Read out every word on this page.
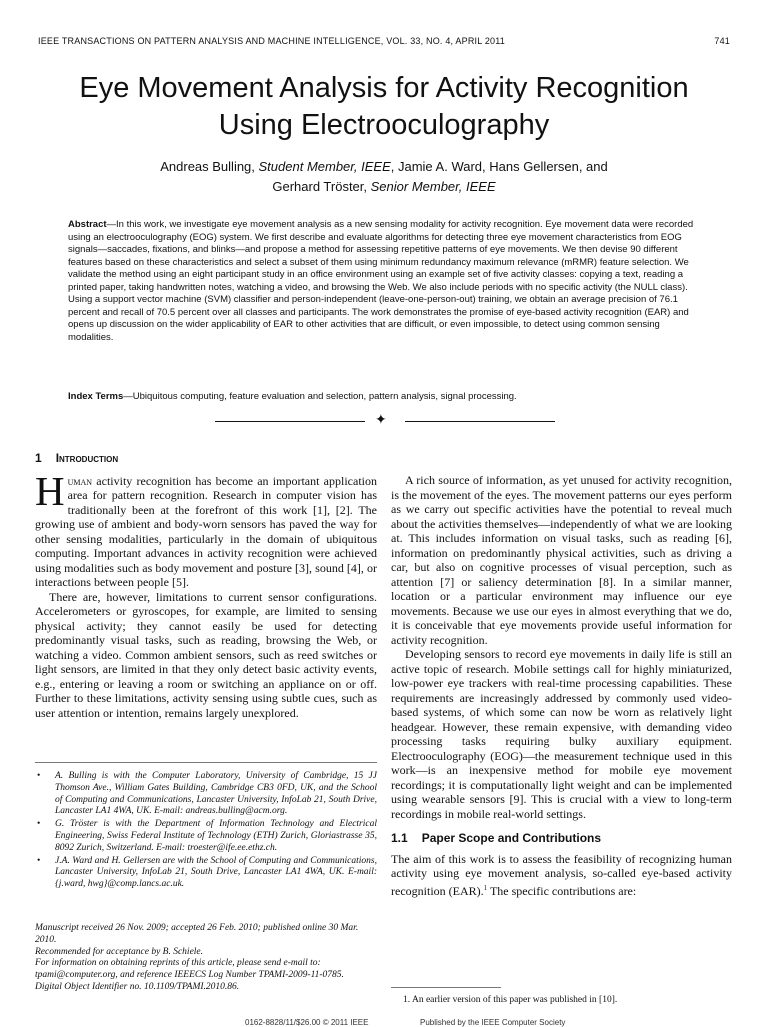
IEEE TRANSACTIONS ON PATTERN ANALYSIS AND MACHINE INTELLIGENCE, VOL. 33, NO. 4, APRIL 2011	741
Eye Movement Analysis for Activity Recognition
Using Electrooculography
Andreas Bulling, Student Member, IEEE, Jamie A. Ward, Hans Gellersen, and
Gerhard Tröster, Senior Member, IEEE

Abstract—In this work, we investigate eye movement analysis as a new sensing modality for activity recognition. Eye movement data were recorded using an electrooculography (EOG) system. We first describe and evaluate algorithms for detecting three eye movement characteristics from EOG signals—saccades, fixations, and blinks—and propose a method for assessing repetitive patterns of eye movements. We then devise 90 different features based on these characteristics and select a subset of them using minimum redundancy maximum relevance (mRMR) feature selection. We validate the method using an eight participant study in an office environment using an example set of five activity classes: copying a text, reading a printed paper, taking handwritten notes, watching a video, and browsing the Web. We also include periods with no specific activity (the NULL class). Using a support vector machine (SVM) classifier and person-independent (leave-one-person-out) training, we obtain an average precision of 76.1 percent and recall of 70.5 percent over all classes and participants. The work demonstrates the promise of eye-based activity recognition (EAR) and opens up discussion on the wider applicability of EAR to other activities that are difficult, or even impossible, to detect using common sensing modalities.

Index Terms—Ubiquitous computing, feature evaluation and selection, pattern analysis, signal processing.

✦
1 Introduction

Human activity recognition has become an important application area for pattern recognition. Research in computer vision has traditionally been at the forefront of this work [1], [2]. The growing use of ambient and body-worn sensors has paved the way for other sensing modalities, particularly in the domain of ubiquitous computing. Important advances in activity recognition were achieved using modalities such as body movement and posture [3], sound [4], or interactions between people [5].

There are, however, limitations to current sensor configurations. Accelerometers or gyroscopes, for example, are limited to sensing physical activity; they cannot easily be used for detecting predominantly visual tasks, such as reading, browsing the Web, or watching a video. Common ambient sensors, such as reed switches or light sensors, are limited in that they only detect basic activity events, e.g., entering or leaving a room or switching an appliance on or off. Further to these limitations, activity sensing using subtle cues, such as user attention or intention, remains largely unexplored.

•	A. Bulling is with the Computer Laboratory, University of Cambridge, 15 JJ Thomson Ave., William Gates Building, Cambridge CB3 0FD, UK, and the School of Computing and Communications, Lancaster University, InfoLab 21, South Drive, Lancaster LA1 4WA, UK. E-mail: andreas.bulling@acm.org.
•	G. Tröster is with the Department of Information Technology and Electrical Engineering, Swiss Federal Institute of Technology (ETH) Zurich, Gloriastrasse 35, 8092 Zurich, Switzerland. E-mail: troester@ife.ee.ethz.ch.
•	J.A. Ward and H. Gellersen are with the School of Computing and Communications, Lancaster University, InfoLab 21, South Drive, Lancaster LA1 4WA, UK. E-mail: {j.ward, hwg}@comp.lancs.ac.uk.
Manuscript received 26 Nov. 2009; accepted 26 Feb. 2010; published online 30 Mar. 2010.
Recommended for acceptance by B. Schiele.
For information on obtaining reprints of this article, please send e-mail to: tpami@computer.org, and reference IEEECS Log Number TPAMI-2009-11-0785.
Digital Object Identifier no. 10.1109/TPAMI.2010.86.

A rich source of information, as yet unused for activity recognition, is the movement of the eyes. The movement patterns our eyes perform as we carry out specific activities have the potential to reveal much about the activities themselves—independently of what we are looking at. This includes information on visual tasks, such as reading [6], information on predominantly physical activities, such as driving a car, but also on cognitive processes of visual perception, such as attention [7] or saliency determination [8]. In a similar manner, location or a particular environment may influence our eye movements. Because we use our eyes in almost everything that we do, it is conceivable that eye movements provide useful information for activity recognition.

Developing sensors to record eye movements in daily life is still an active topic of research. Mobile settings call for highly miniaturized, low-power eye trackers with real-time processing capabilities. These requirements are increasingly addressed by commonly used video-based systems, of which some can now be worn as relatively light headgear. However, these remain expensive, with demanding video processing tasks requiring bulky auxiliary equipment. Electrooculography (EOG)—the measurement technique used in this work—is an inexpensive method for mobile eye movement recordings; it is computationally light weight and can be implemented using wearable sensors [9]. This is crucial with a view to long-term recordings in mobile real-world settings.

1.1 Paper Scope and Contributions

The aim of this work is to assess the feasibility of recognizing human activity using eye movement analysis, so-called eye-based activity recognition (EAR).$^1$ The specific contributions are:

1. An earlier version of this paper was published in [10].
0162-8828/11/$26.00 © 2011 IEEE	Published by the IEEE Computer Society
